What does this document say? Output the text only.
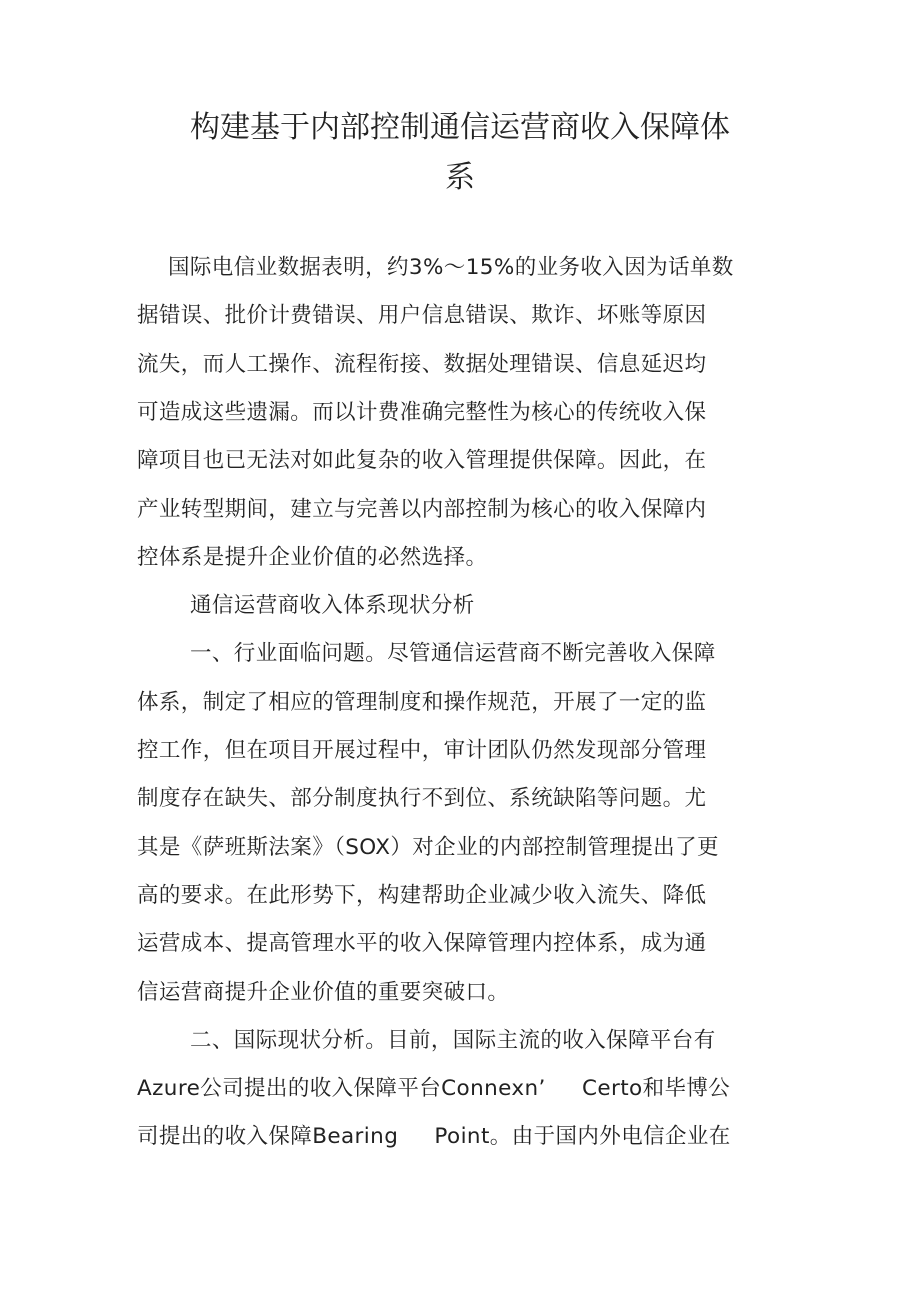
构建基于内部控制通信运营商收入保障体
系
国际电信业数据表明，约3%～15%的业务收入因为话单数
据错误、批价计费错误、用户信息错误、欺诈、坏账等原因
流失，而人工操作、流程衔接、数据处理错误、信息延迟均
可造成这些遗漏。而以计费准确完整性为核心的传统收入保
障项目也已无法对如此复杂的收入管理提供保障。因此，在
产业转型期间，建立与完善以内部控制为核心的收入保障内
控体系是提升企业价值的必然选择。
通信运营商收入体系现状分析
一、行业面临问题。尽管通信运营商不断完善收入保障
体系，制定了相应的管理制度和操作规范，开展了一定的监
控工作，但在项目开展过程中，审计团队仍然发现部分管理
制度存在缺失、部分制度执行不到位、系统缺陷等问题。尤
其是《萨班斯法案》（SOX）对企业的内部控制管理提出了更
高的要求。在此形势下，构建帮助企业减少收入流失、降低
运营成本、提高管理水平的收入保障管理内控体系，成为通
信运营商提升企业价值的重要突破口。
二、国际现状分析。目前，国际主流的收入保障平台有
Azure公司提出的收入保障平台Connexn’     Certo和毕博公
司提出的收入保障Bearing     Point。由于国内外电信企业在
